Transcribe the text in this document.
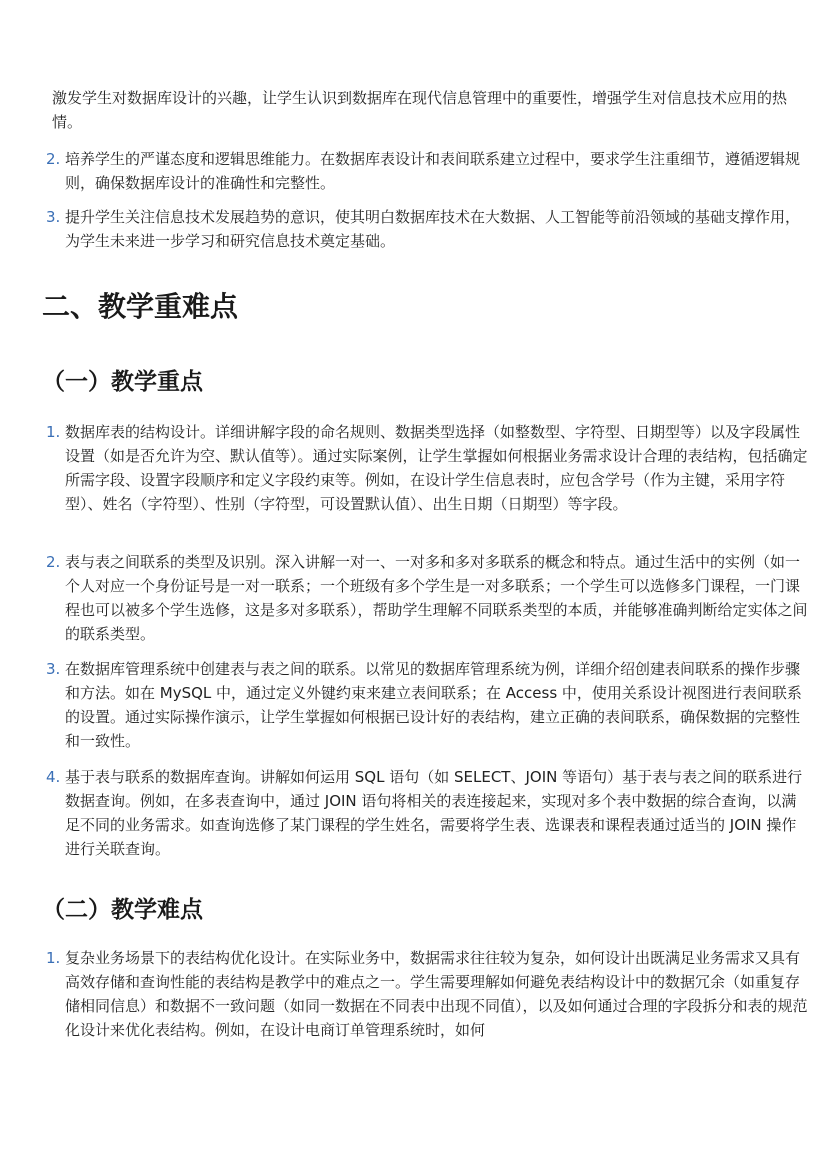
激发学生对数据库设计的兴趣，让学生认识到数据库在现代信息管理中的重要性，增强学生对信息技术应用的热情。

2. 培养学生的严谨态度和逻辑思维能力。在数据库表设计和表间联系建立过程中，要求学生注重细节，遵循逻辑规则，确保数据库设计的准确性和完整性。
3. 提升学生关注信息技术发展趋势的意识，使其明白数据库技术在大数据、人工智能等前沿领域的基础支撑作用，为学生未来进一步学习和研究信息技术奠定基础。
二、教学重难点
（一）教学重点
1. 数据库表的结构设计。详细讲解字段的命名规则、数据类型选择（如整数型、字符型、日期型等）以及字段属性设置（如是否允许为空、默认值等）。通过实际案例，让学生掌握如何根据业务需求设计合理的表结构，包括确定所需字段、设置字段顺序和定义字段约束等。例如，在设计学生信息表时，应包含学号（作为主键，采用字符型）、姓名（字符型）、性别（字符型，可设置默认值）、出生日期（日期型）等字段。
2. 表与表之间联系的类型及识别。深入讲解一对一、一对多和多对多联系的概念和特点。通过生活中的实例（如一个人对应一个身份证号是一对一联系；一个班级有多个学生是一对多联系；一个学生可以选修多门课程，一门课程也可以被多个学生选修，这是多对多联系），帮助学生理解不同联系类型的本质，并能够准确判断给定实体之间的联系类型。
3. 在数据库管理系统中创建表与表之间的联系。以常见的数据库管理系统为例，详细介绍创建表间联系的操作步骤和方法。如在 MySQL 中，通过定义外键约束来建立表间联系；在 Access 中，使用关系设计视图进行表间联系的设置。通过实际操作演示，让学生掌握如何根据已设计好的表结构，建立正确的表间联系，确保数据的完整性和一致性。
4. 基于表与联系的数据库查询。讲解如何运用 SQL 语句（如 SELECT、JOIN 等语句）基于表与表之间的联系进行数据查询。例如，在多表查询中，通过 JOIN 语句将相关的表连接起来，实现对多个表中数据的综合查询，以满足不同的业务需求。如查询选修了某门课程的学生姓名，需要将学生表、选课表和课程表通过适当的 JOIN 操作进行关联查询。
（二）教学难点
1. 复杂业务场景下的表结构优化设计。在实际业务中，数据需求往往较为复杂，如何设计出既满足业务需求又具有高效存储和查询性能的表结构是教学中的难点之一。学生需要理解如何避免表结构设计中的数据冗余（如重复存储相同信息）和数据不一致问题（如同一数据在不同表中出现不同值），以及如何通过合理的字段拆分和表的规范化设计来优化表结构。例如，在设计电商订单管理系统时，如何
